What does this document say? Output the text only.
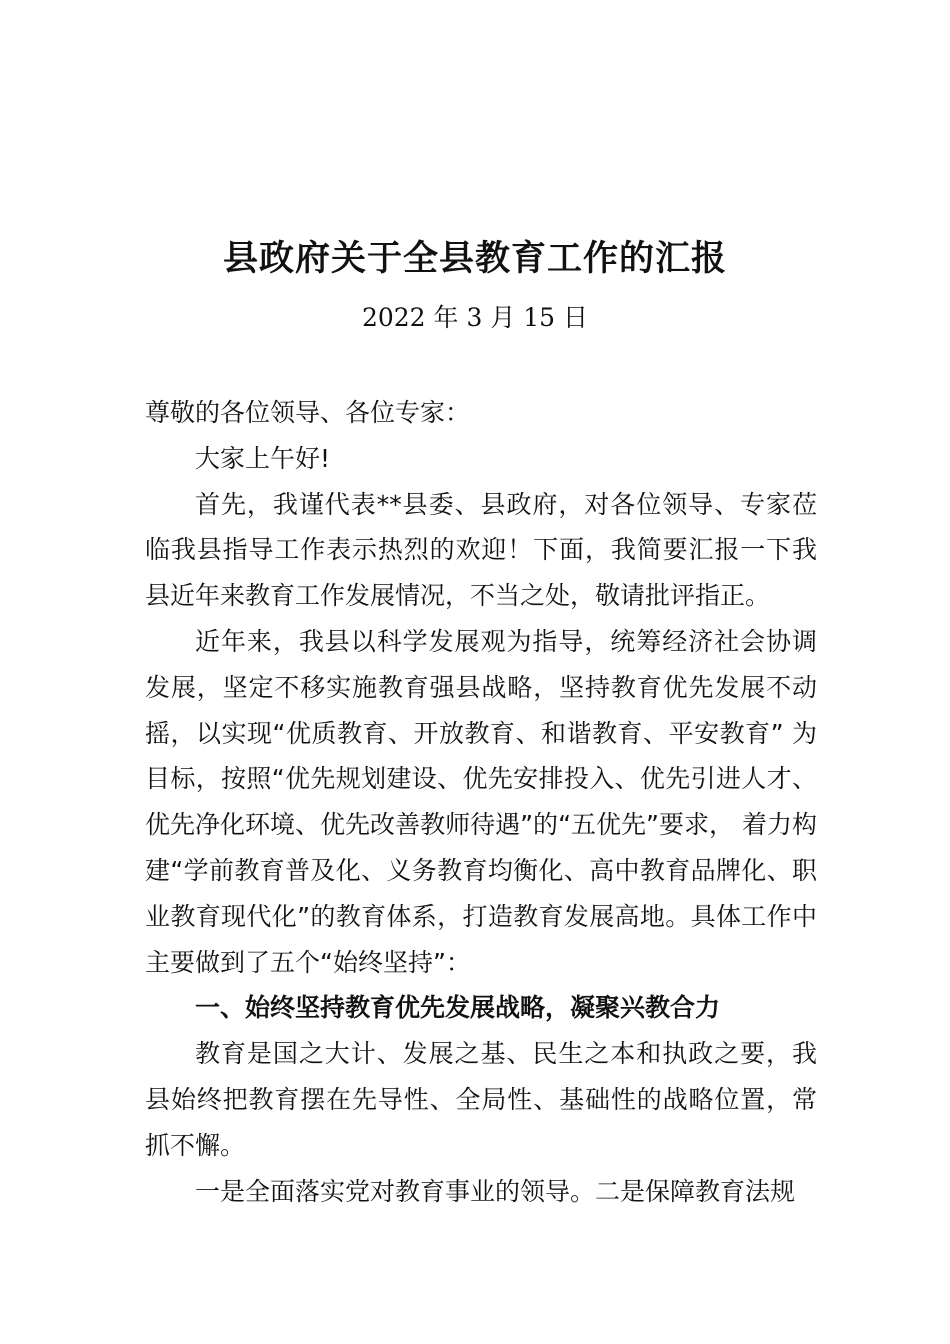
县政府关于全县教育工作的汇报
2022 年 3 月 15 日

尊敬的各位领导、各位专家：

大家上午好!

首先，我谨代表**县委、县政府，对各位领导、专家莅临我县指导工作表示热烈的欢迎！下面，我简要汇报一下我县近年来教育工作发展情况，不当之处，敬请批评指正。

近年来，我县以科学发展观为指导，统筹经济社会协调发展，坚定不移实施教育强县战略，坚持教育优先发展不动摇，以实现“优质教育、开放教育、和谐教育、平安教育” 为目标，按照“优先规划建设、优先安排投入、优先引进人才、优先净化环境、优先改善教师待遇”的“五优先”要求， 着力构建“学前教育普及化、义务教育均衡化、高中教育品牌化、职业教育现代化”的教育体系，打造教育发展高地。具体工作中主要做到了五个“始终坚持”：

一、始终坚持教育优先发展战略，凝聚兴教合力

教育是国之大计、发展之基、民生之本和执政之要，我县始终把教育摆在先导性、全局性、基础性的战略位置，常抓不懈。

一是全面落实党对教育事业的领导。二是保障教育法规
